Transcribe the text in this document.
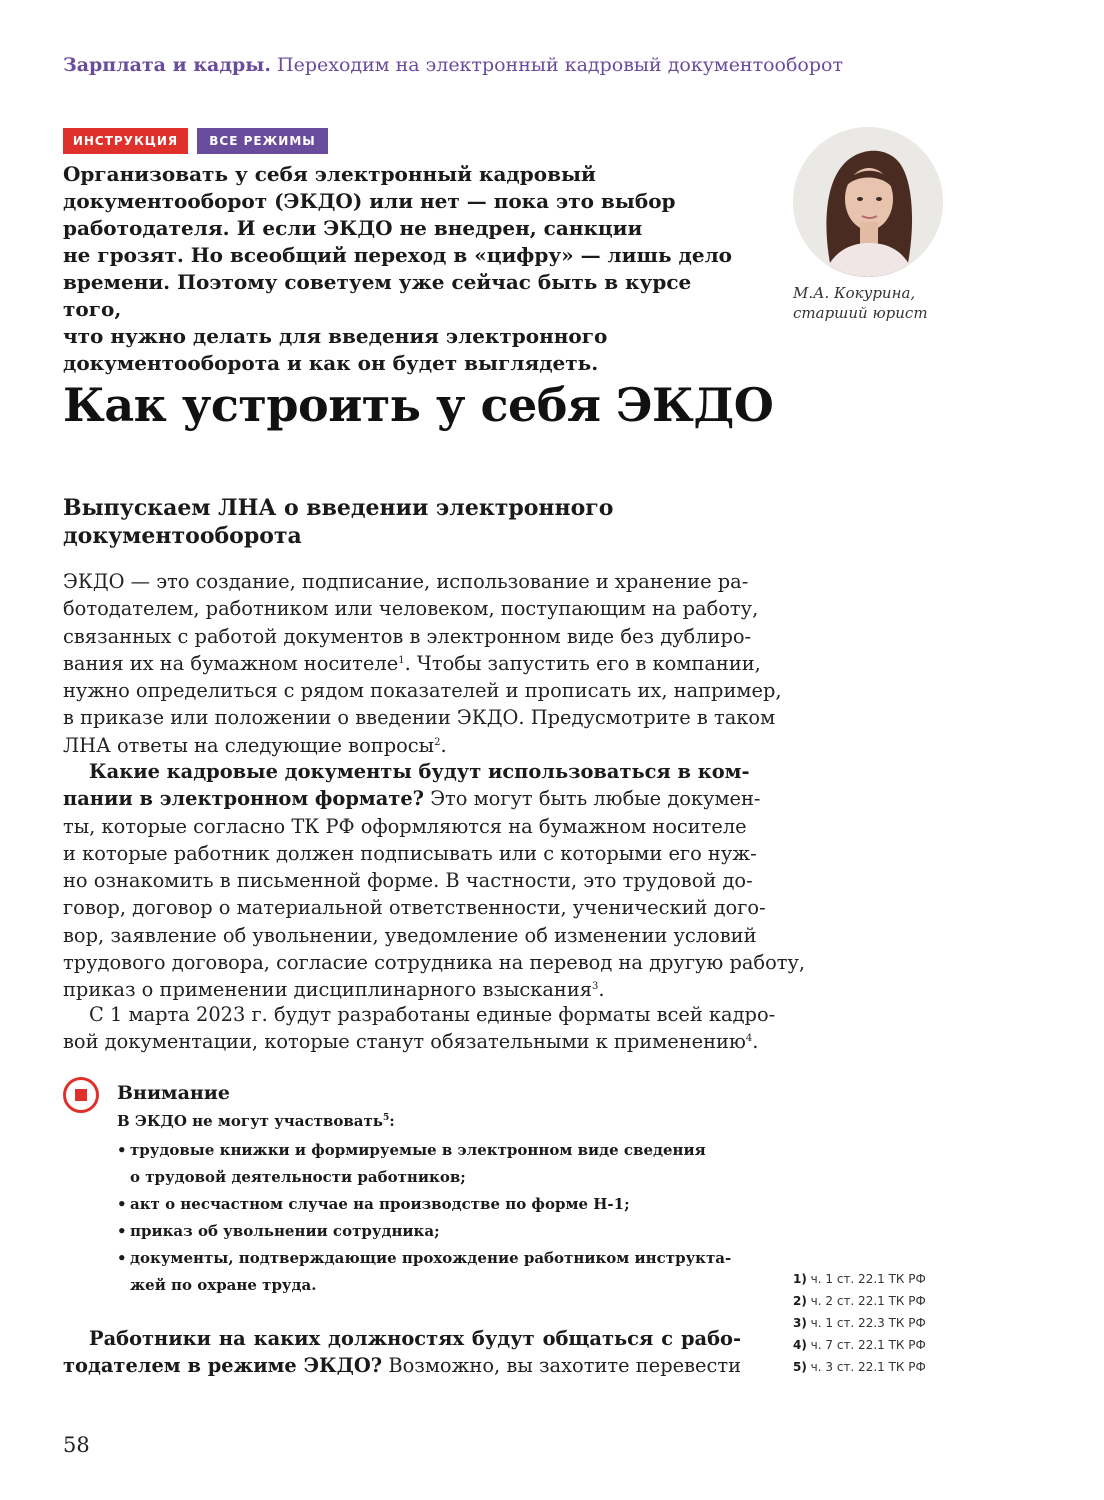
Зарплата и кадры. Переходим на электронный кадровый документооборот
ИНСТРУКЦИЯ	ВСЕ РЕЖИМЫ

Организовать у себя электронный кадровый
документооборот (ЭКДО) или нет — пока это выбор
работодателя. И если ЭКДО не внедрен, санкции
не грозят. Но всеобщий переход в «цифру» — лишь дело
времени. Поэтому советуем уже сейчас быть в курсе того,
что нужно делать для введения электронного
документооборота и как он будет выглядеть.

М.А. Кокурина,
старший юрист
Как устроить у себя ЭКДО
Выпускаем ЛНА о введении электронного
документооборота
ЭКДО — это создание, подписание, использование и хранение ра-
ботодателем, работником или человеком, поступающим на работу,
связанных с работой документов в электронном виде без дублиро-
вания их на бумажном носителе$^1$. Чтобы запустить его в компании,
нужно определиться с рядом показателей и прописать их, например,
в приказе или положении о введении ЭКДО. Предусмотрите в таком
ЛНА ответы на следующие вопросы$^2$.
Какие кадровые документы будут использоваться в ком-
пании в электронном формате? Это могут быть любые докумен-
ты, которые согласно ТК РФ оформляются на бумажном носителе
и которые работник должен подписывать или с которыми его нуж-
но ознакомить в письменной форме. В частности, это трудовой до-
говор, договор о материальной ответственности, ученический дого-
вор, заявление об увольнении, уведомление об изменении условий
трудового договора, согласие сотрудника на перевод на другую работу,
приказ о применении дисциплинарного взыскания$^3$.
С 1 марта 2023 г. будут разработаны единые форматы всей кадро-
вой документации, которые станут обязательными к применению$^4$.
Внимание
В ЭКДО не могут участвовать$^5$:
• трудовые книжки и формируемые в электронном виде сведения
о трудовой деятельности работников;
• акт о несчастном случае на производстве по форме Н-1;
• приказ об увольнении сотрудника;
• документы, подтверждающие прохождение работником инструкта-
жей по охране труда.
Работники на каких должностях будут общаться с рабо-
тодателем в режиме ЭКДО? Возможно, вы захотите перевести
1) ч. 1 ст. 22.1 ТК РФ
2) ч. 2 ст. 22.1 ТК РФ
3) ч. 1 ст. 22.3 ТК РФ
4) ч. 7 ст. 22.1 ТК РФ
5) ч. 3 ст. 22.1 ТК РФ
58
